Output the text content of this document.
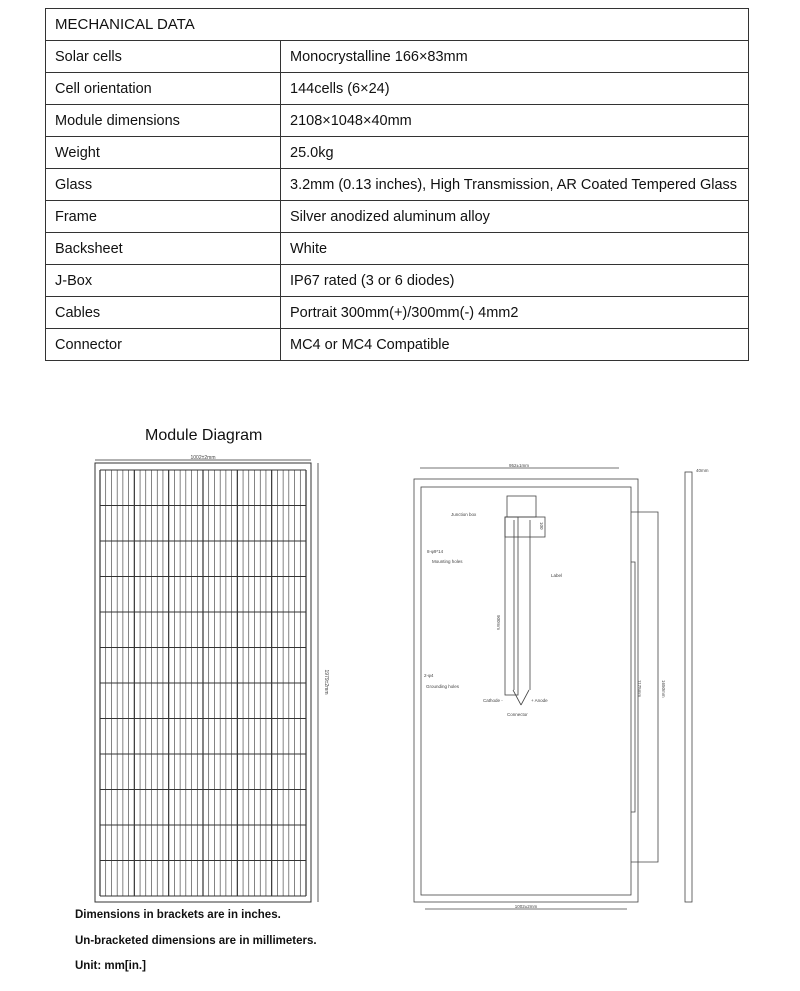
MECHANICAL DATA	
Solar cells	Monocrystalline 166×83mm
Cell orientation	144cells (6×24)
Module dimensions	2108×1048×40mm
Weight	25.0kg
Glass	3.2mm (0.13 inches), High Transmission, AR Coated Tempered Glass
Frame	Silver anodized aluminum alloy
Backsheet	White
J-Box	IP67 rated (3 or 6 diodes)
Cables	Portrait 300mm(+)/300mm(-) 4mm2
Connector	MC4 or MC4 Compatible
Module Diagram
1002±2mm
1979±2mm
952±1mm
Junction box
8-φ9*14
Mounting holes
Label
2-φ4
Grounding holes
Cathode -	+ Anode
Connector
900mm
100
1175mm	1650mm
40mm
1002±2mm
Dimensions in brackets are in inches.
Un-bracketed dimensions are in millimeters.
Unit: mm[in.]
